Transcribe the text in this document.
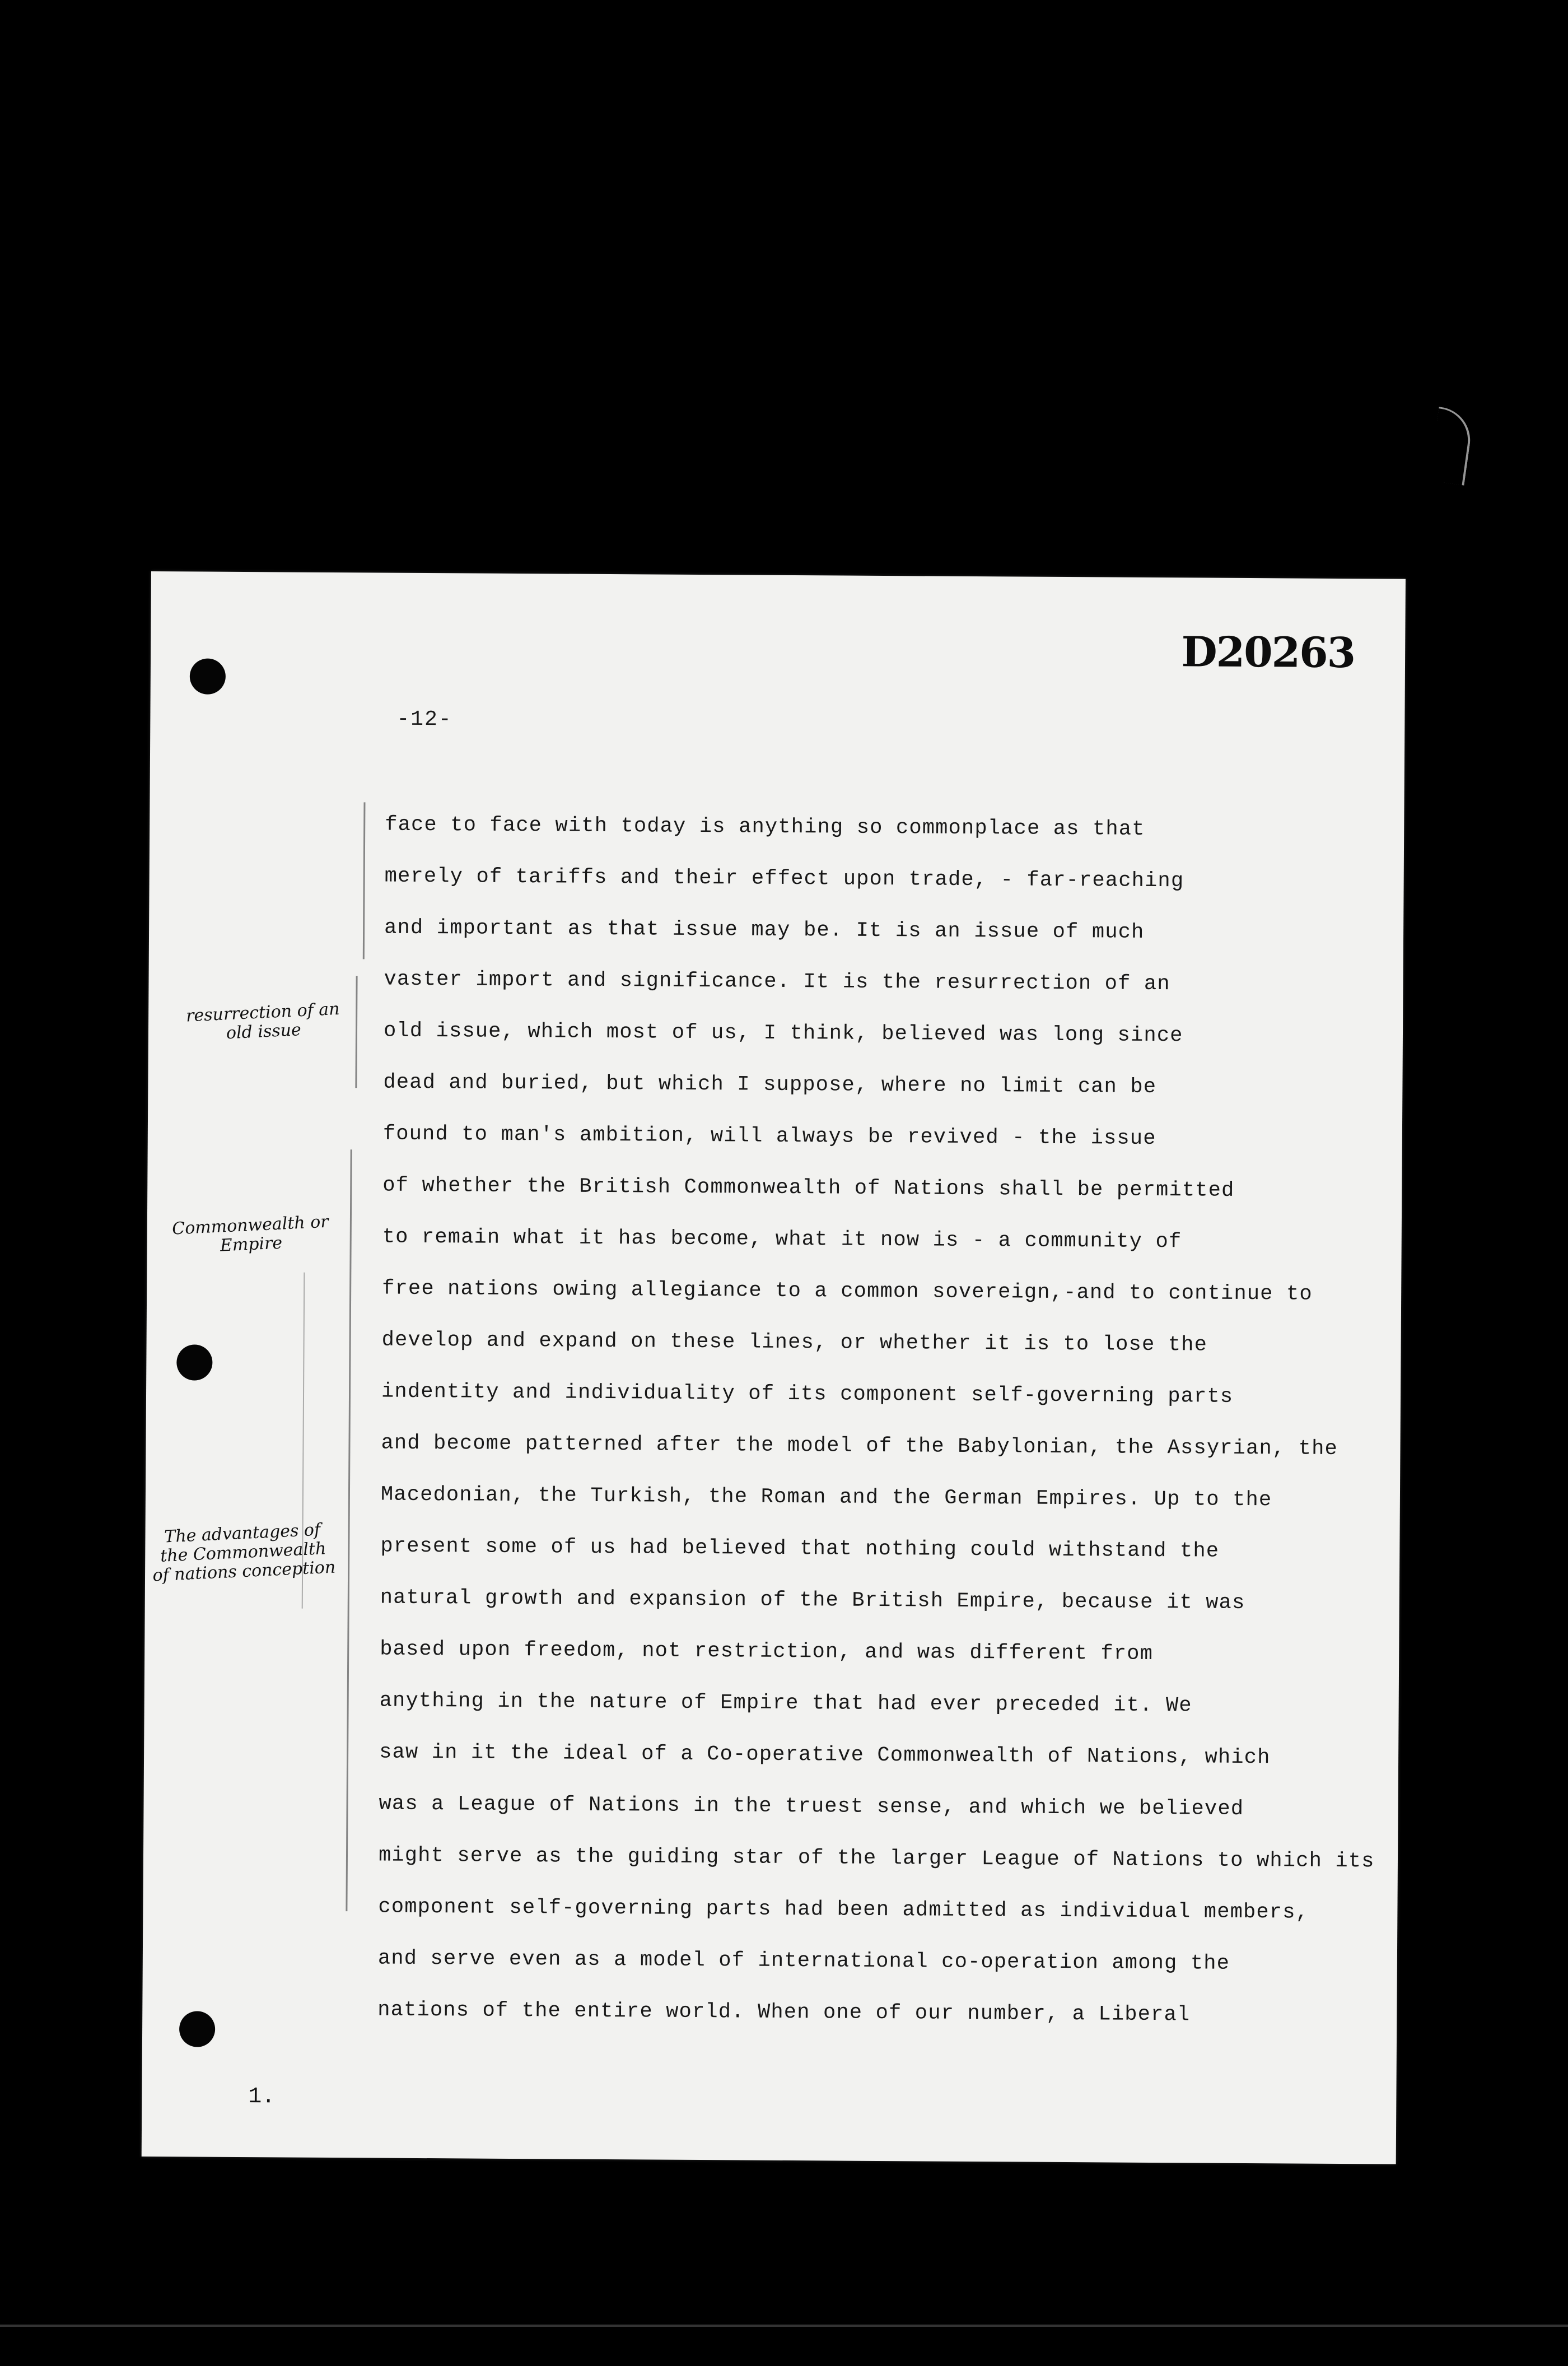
D20263
-12-
resurrection of an old issue
Commonwealth or Empire
The advantages of the Commonwealth of nations conception
face to face with today is anything so commonplace as that
merely of tariffs and their effect upon trade, - far-reaching
and important as that issue may be. It is an issue of much
vaster import and significance. It is the resurrection of an
old issue, which most of us, I think, believed was long since
dead and buried, but which I suppose, where no limit can be
found to man's ambition, will always be revived - the issue
of whether the British Commonwealth of Nations shall be permitted
to remain what it has become, what it now is - a community of
free nations owing allegiance to a common sovereign,-and to continue to
develop and expand on these lines, or whether it is to lose the
indentity and individuality of its component self-governing parts
and become patterned after the model of the Babylonian, the Assyrian, the
Macedonian, the Turkish, the Roman and the German Empires. Up to the
present some of us had believed that nothing could withstand the
natural growth and expansion of the British Empire, because it was
based upon freedom, not restriction, and was different from
anything in the nature of Empire that had ever preceded it. We
saw in it the ideal of a Co-operative Commonwealth of Nations, which
was a League of Nations in the truest sense, and which we believed
might serve as the guiding star of the larger League of Nations to which its
component self-governing parts had been admitted as individual members,
and serve even as a model of international co-operation among the
nations of the entire world. When one of our number, a Liberal
1.
